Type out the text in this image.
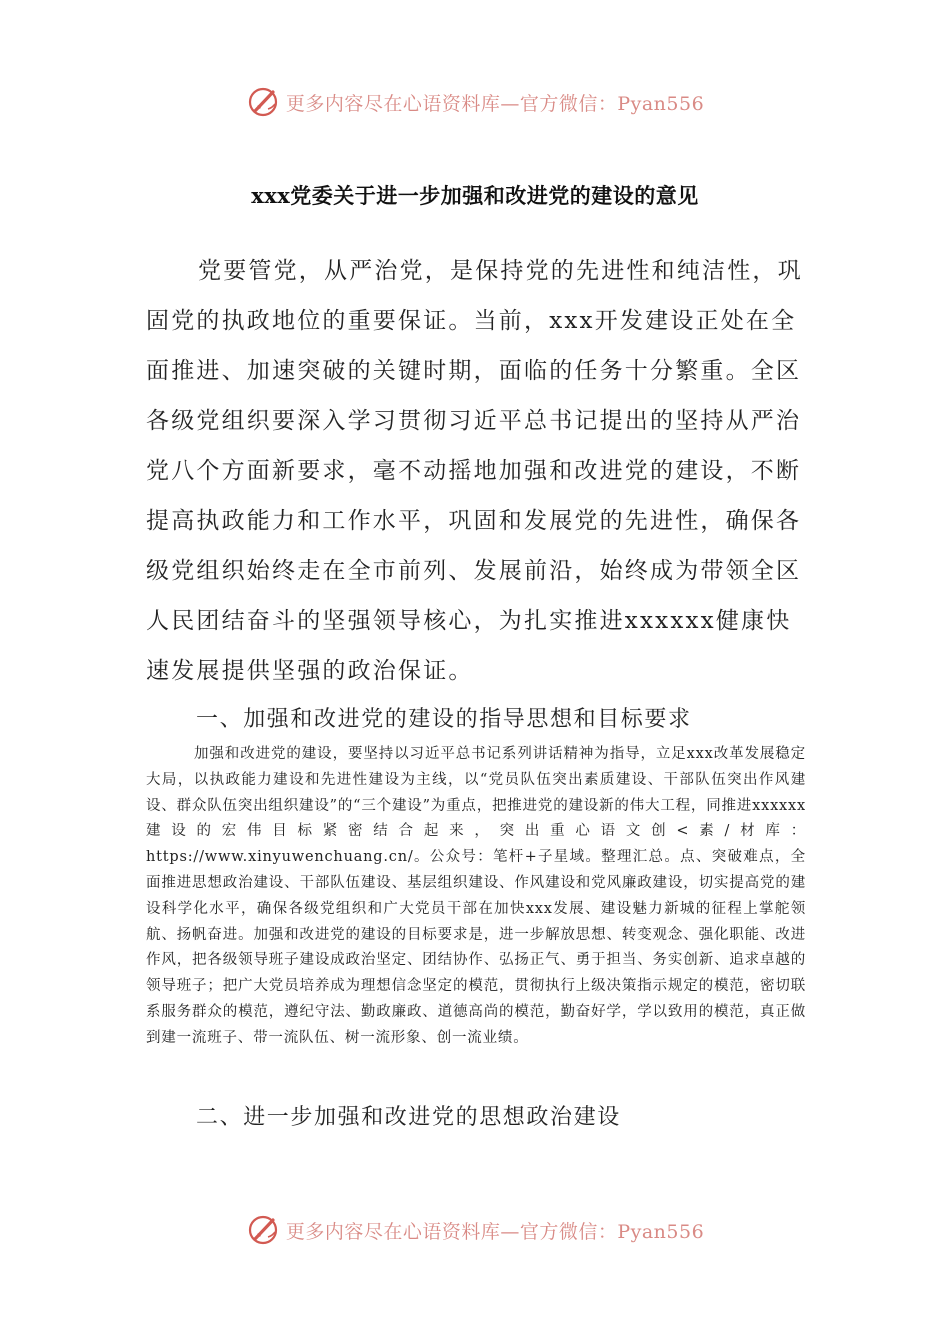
更多内容尽在心语资料库—官方微信：Pyan556
xxx党委关于进一步加强和改进党的建设的意见

党要管党，从严治党，是保持党的先进性和纯洁性，巩固党的执政地位的重要保证。当前，xxx开发建设正处在全面推进、加速突破的关键时期，面临的任务十分繁重。全区各级党组织要深入学习贯彻习近平总书记提出的坚持从严治党八个方面新要求，毫不动摇地加强和改进党的建设，不断提高执政能力和工作水平，巩固和发展党的先进性，确保各级党组织始终走在全市前列、发展前沿，始终成为带领全区人民团结奋斗的坚强领导核心，为扎实推进xxxxxx健康快速发展提供坚强的政治保证。

一、加强和改进党的建设的指导思想和目标要求

加强和改进党的建设，要坚持以习近平总书记系列讲话精神为指导，立足xxx改革发展稳定大局，以执政能力建设和先进性建设为主线，以“党员队伍突出素质建设、干部队伍突出作风建设、群众队伍突出组织建设”的“三个建设”为重点，把推进党的建设新的伟大工程，同推进xxxxxx建设的宏伟目标紧密结合起来，突出重心语文创<素/材库：https://www.xinyuwenchuang.cn/。公众号：笔杆+子星域。整理汇总。点、突破难点，全面推进思想政治建设、干部队伍建设、基层组织建设、作风建设和党风廉政建设，切实提高党的建设科学化水平，确保各级党组织和广大党员干部在加快xxx发展、建设魅力新城的征程上掌舵领航、扬帆奋进。加强和改进党的建设的目标要求是，进一步解放思想、转变观念、强化职能、改进作风，把各级领导班子建设成政治坚定、团结协作、弘扬正气、勇于担当、务实创新、追求卓越的领导班子；把广大党员培养成为理想信念坚定的模范，贯彻执行上级决策指示规定的模范，密切联系服务群众的模范，遵纪守法、勤政廉政、道德高尚的模范，勤奋好学，学以致用的模范，真正做到建一流班子、带一流队伍、树一流形象、创一流业绩。

二、进一步加强和改进党的思想政治建设
更多内容尽在心语资料库—官方微信：Pyan556
